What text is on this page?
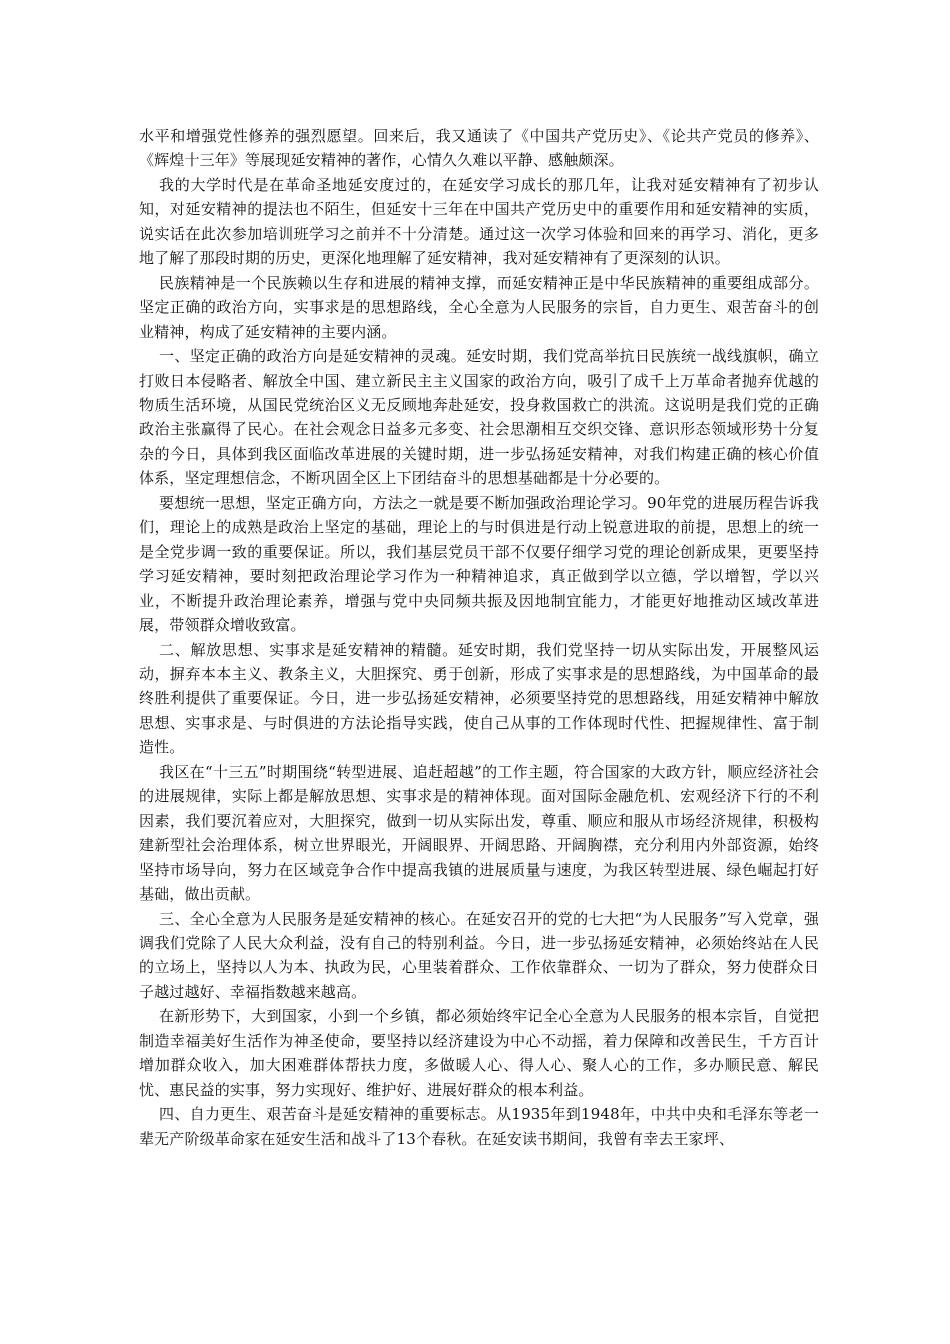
水平和增强党性修养的强烈愿望。回来后，我又通读了《中国共产党历史》、《论共产党员的修养》、《辉煌十三年》等展现延安精神的著作，心情久久难以平静、感触颇深。

我的大学时代是在革命圣地延安度过的，在延安学习成长的那几年，让我对延安精神有了初步认知，对延安精神的提法也不陌生，但延安十三年在中国共产党历史中的重要作用和延安精神的实质，说实话在此次参加培训班学习之前并不十分清楚。通过这一次学习体验和回来的再学习、消化，更多地了解了那段时期的历史，更深化地理解了延安精神，我对延安精神有了更深刻的认识。

民族精神是一个民族赖以生存和进展的精神支撑，而延安精神正是中华民族精神的重要组成部分。坚定正确的政治方向，实事求是的思想路线，全心全意为人民服务的宗旨，自力更生、艰苦奋斗的创业精神，构成了延安精神的主要内涵。

一、坚定正确的政治方向是延安精神的灵魂。延安时期，我们党高举抗日民族统一战线旗帜，确立打败日本侵略者、解放全中国、建立新民主主义国家的政治方向，吸引了成千上万革命者抛弃优越的物质生活环境，从国民党统治区义无反顾地奔赴延安，投身救国救亡的洪流。这说明是我们党的正确政治主张赢得了民心。在社会观念日益多元多变、社会思潮相互交织交锋、意识形态领域形势十分复杂的今日，具体到我区面临改革进展的关键时期，进一步弘扬延安精神，对我们构建正确的核心价值体系，坚定理想信念，不断巩固全区上下团结奋斗的思想基础都是十分必要的。

要想统一思想，坚定正确方向，方法之一就是要不断加强政治理论学习。90年党的进展历程告诉我们，理论上的成熟是政治上坚定的基础，理论上的与时俱进是行动上锐意进取的前提，思想上的统一是全党步调一致的重要保证。所以，我们基层党员干部不仅要仔细学习党的理论创新成果，更要坚持学习延安精神，要时刻把政治理论学习作为一种精神追求，真正做到学以立德，学以增智，学以兴业，不断提升政治理论素养，增强与党中央同频共振及因地制宜能力，才能更好地推动区域改革进展，带领群众增收致富。

二、解放思想、实事求是延安精神的精髓。延安时期，我们党坚持一切从实际出发，开展整风运动，摒弃本本主义、教条主义，大胆探究、勇于创新，形成了实事求是的思想路线，为中国革命的最终胜利提供了重要保证。今日，进一步弘扬延安精神，必须要坚持党的思想路线，用延安精神中解放思想、实事求是、与时俱进的方法论指导实践，使自己从事的工作体现时代性、把握规律性、富于制造性。

我区在“十三五”时期围绕“转型进展、追赶超越”的工作主题，符合国家的大政方针，顺应经济社会的进展规律，实际上都是解放思想、实事求是的精神体现。面对国际金融危机、宏观经济下行的不利因素，我们要沉着应对，大胆探究，做到一切从实际出发，尊重、顺应和服从市场经济规律，积极构建新型社会治理体系，树立世界眼光，开阔眼界、开阔思路、开阔胸襟，充分利用内外部资源，始终坚持市场导向，努力在区域竞争合作中提高我镇的进展质量与速度，为我区转型进展、绿色崛起打好基础，做出贡献。

三、全心全意为人民服务是延安精神的核心。在延安召开的党的七大把“为人民服务”写入党章，强调我们党除了人民大众利益，没有自己的特别利益。今日，进一步弘扬延安精神，必须始终站在人民的立场上，坚持以人为本、执政为民，心里装着群众、工作依靠群众、一切为了群众，努力使群众日子越过越好、幸福指数越来越高。

在新形势下，大到国家，小到一个乡镇，都必须始终牢记全心全意为人民服务的根本宗旨，自觉把制造幸福美好生活作为神圣使命，要坚持以经济建设为中心不动摇，着力保障和改善民生，千方百计增加群众收入，加大困难群体帮扶力度，多做暖人心、得人心、聚人心的工作，多办顺民意、解民忧、惠民益的实事，努力实现好、维护好、进展好群众的根本利益。

四、自力更生、艰苦奋斗是延安精神的重要标志。从1935年到1948年，中共中央和毛泽东等老一辈无产阶级革命家在延安生活和战斗了13个春秋。在延安读书期间，我曾有幸去王家坪、
